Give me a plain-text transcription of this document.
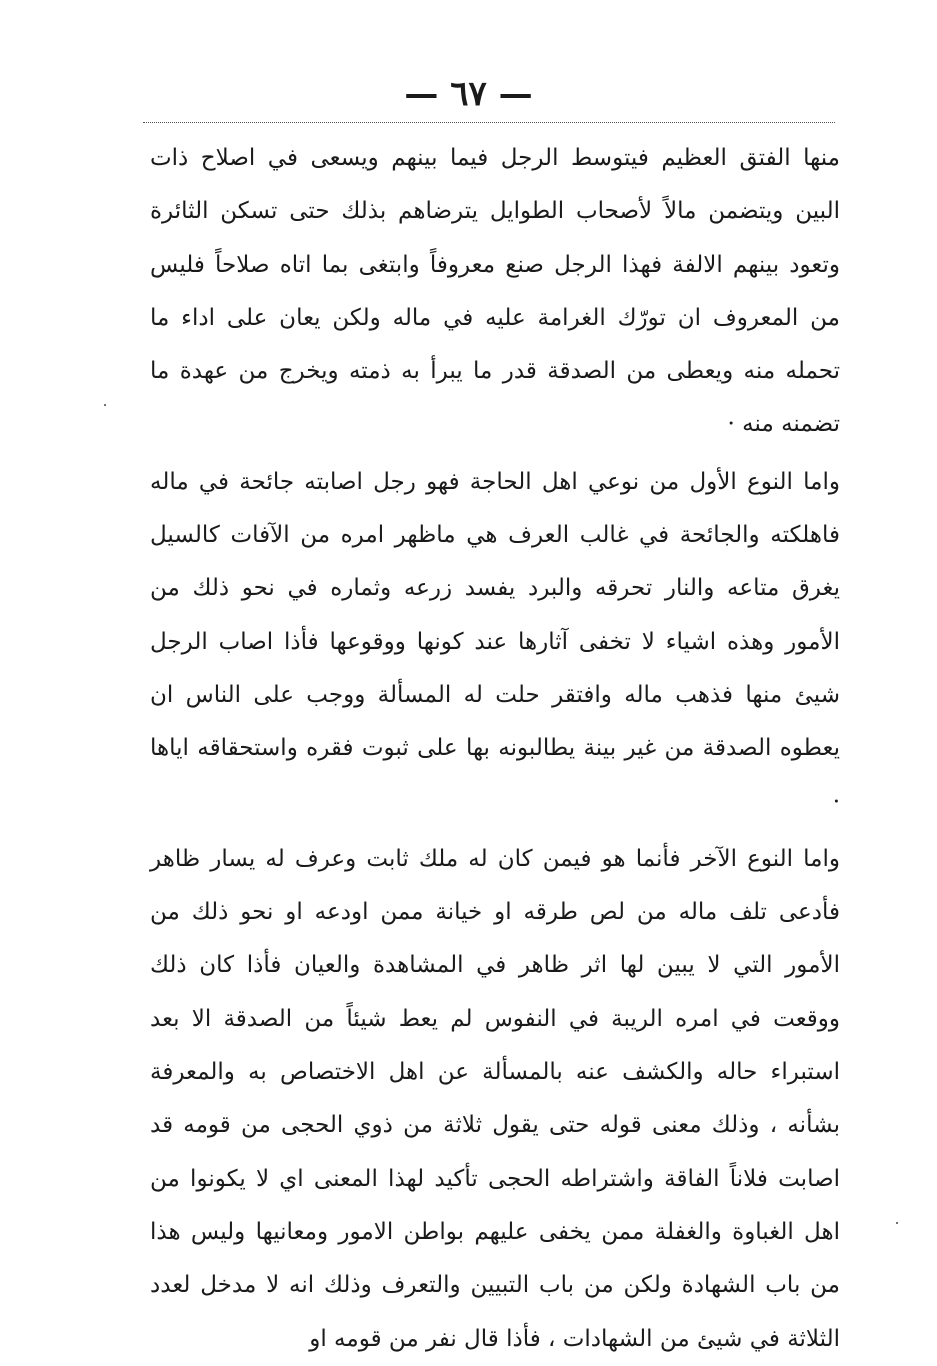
— ٦٧ —

منها الفتق العظيم فيتوسط الرجل فيما بينهم ويسعى في اصلاح ذات البين ويتضمن مالاً لأصحاب الطوايل يترضاهم بذلك حتى تسكن الثائرة وتعود بينهم الالفة فهذا الرجل صنع معروفاً وابتغى بما اتاه صلاحاً فليس من المعروف ان تورّك الغرامة عليه في ماله ولكن يعان على اداء ما تحمله منه ويعطى من الصدقة قدر ما يبرأ به ذمته ويخرج من عهدة ما تضمنه منه ·

واما النوع الأول من نوعي اهل الحاجة فهو رجل اصابته جائحة في ماله فاهلكته والجائحة في غالب العرف هي ماظهر امره من الآفات كالسيل يغرق متاعه والنار تحرقه والبرد يفسد زرعه وثماره في نحو ذلك من الأمور وهذه اشياء لا تخفى آثارها عند كونها ووقوعها فأذا اصاب الرجل شيئ منها فذهب ماله وافتقر حلت له المسألة ووجب على الناس ان يعطوه الصدقة من غير بينة يطالبونه بها على ثبوت فقره واستحقاقه اياها ·

واما النوع الآخر فأنما هو فيمن كان له ملك ثابت وعرف له يسار ظاهر فأدعى تلف ماله من لص طرقه او خيانة ممن اودعه او نحو ذلك من الأمور التي لا يبين لها اثر ظاهر في المشاهدة والعيان فأذا كان ذلك ووقعت في امره الريبة في النفوس لم يعط شيئاً من الصدقة الا بعد استبراء حاله والكشف عنه بالمسألة عن اهل الاختصاص به والمعرفة بشأنه ، وذلك معنى قوله حتى يقول ثلاثة من ذوي الحجى من قومه قد اصابت فلاناً الفاقة واشتراطه الحجى تأكيد لهذا المعنى اي لا يكونوا من اهل الغباوة والغفلة ممن يخفى عليهم بواطن الامور ومعانيها وليس هذا من باب الشهادة ولكن من باب التبيين والتعرف وذلك انه لا مدخل لعدد الثلاثة في شيئ من الشهادات ، فأذا قال نفر من قومه او
